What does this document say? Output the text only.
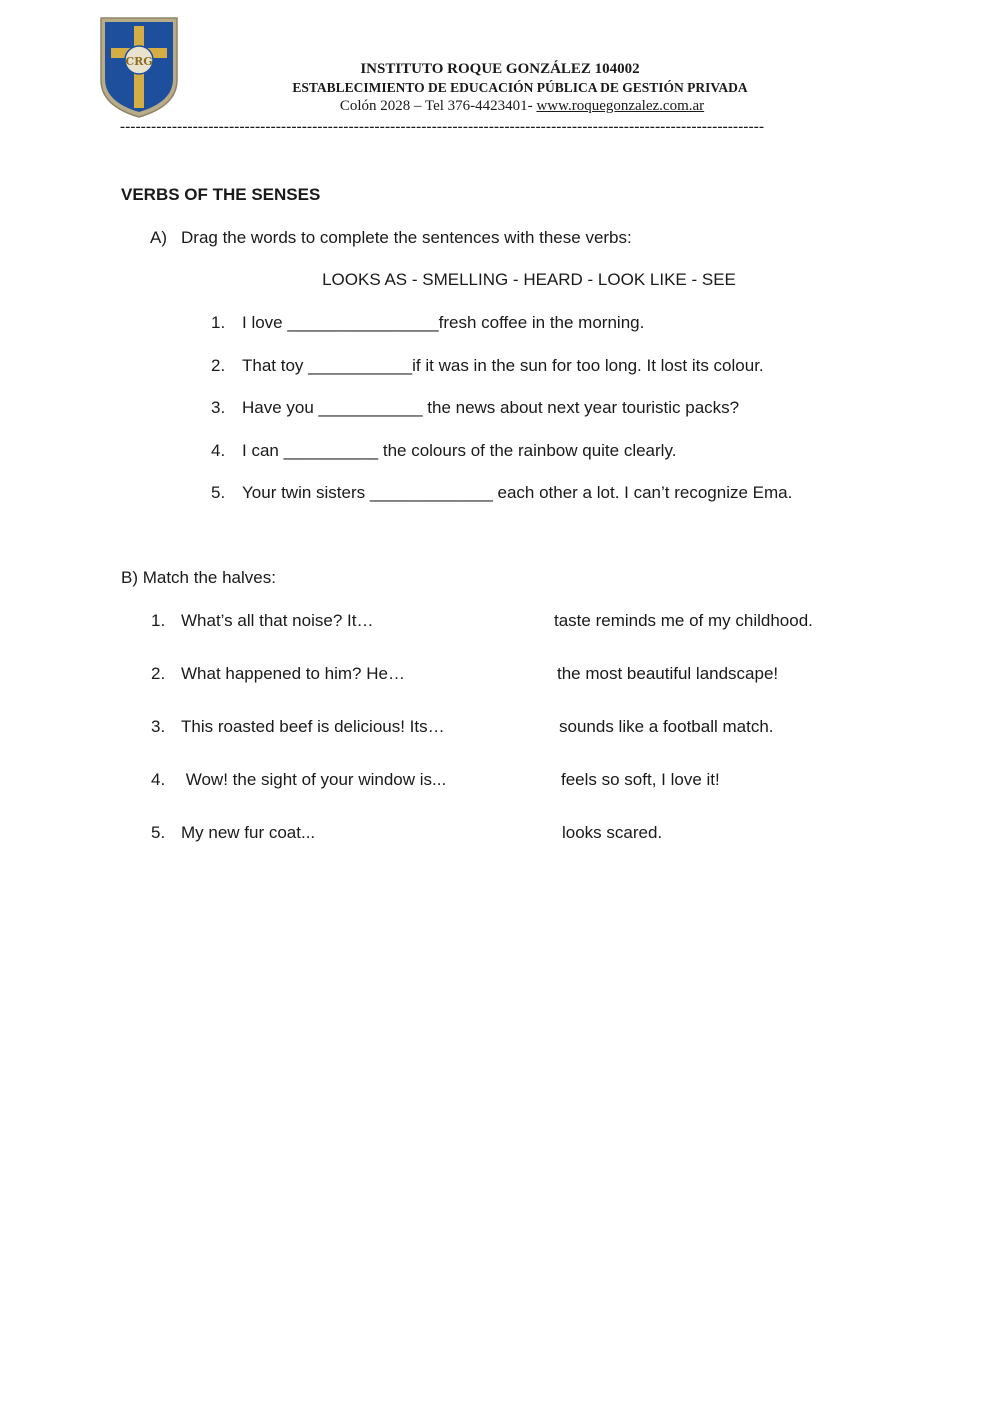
CRG	INSTITUTO ROQUE GONZÁLEZ 104002
ESTABLECIMIENTO DE EDUCACIÓN PÚBLICA DE GESTIÓN PRIVADA
Colón 2028 – Tel 376-4423401- www.roquegonzalez.com.ar
----------------------------------------------------------------------------------------------------------------------------
VERBS OF THE SENSES
A) Drag the words to complete the sentences with these verbs:
LOOKS AS - SMELLING - HEARD - LOOK LIKE - SEE
1. I love ________________fresh coffee in the morning.
2. That toy ___________if it was in the sun for too long. It lost its colour.
3. Have you ___________ the news about next year touristic packs?
4. I can __________ the colours of the rainbow quite clearly.
5. Your twin sisters _____________ each other a lot. I can’t recognize Ema.
B) Match the halves:
1. What’s all that noise? It…	taste reminds me of my childhood.
2. What happened to him? He…	the most beautiful landscape!
3. This roasted beef is delicious! Its…	sounds like a football match.
4. Wow! the sight of your window is...	feels so soft, I love it!
5. My new fur coat...	looks scared.
